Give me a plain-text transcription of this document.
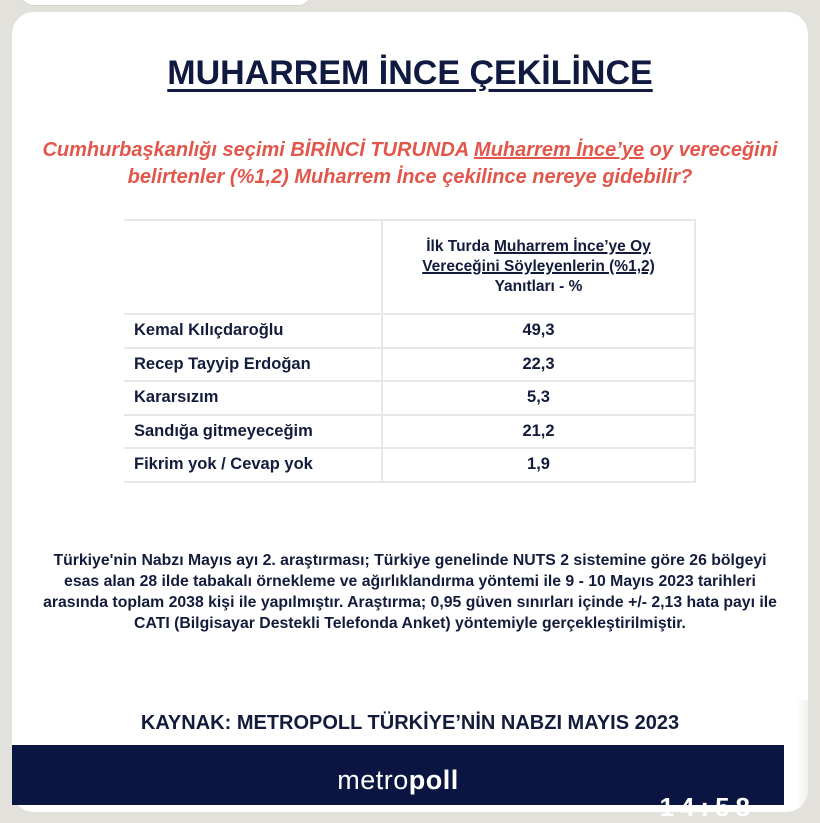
MUHARREM İNCE ÇEKİLİNCE
Cumhurbaşkanlığı seçimi BİRİNCİ TURUNDA Muharrem İnce’ye oy vereceğini belirtenler (%1,2) Muharrem İnce çekilince nereye gidebilir?
	İlk Turda Muharrem İnce’ye Oy
Vereceğini Söyleyenlerin (%1,2)
Yanıtları - %
Kemal Kılıçdaroğlu	49,3
Recep Tayyip Erdoğan	22,3
Kararsızım	5,3
Sandığa gitmeyeceğim	21,2
Fikrim yok / Cevap yok	1,9
Türkiye'nin Nabzı Mayıs ayı 2. araştırması; Türkiye genelinde NUTS 2 sistemine göre 26 bölgeyi esas alan 28 ilde tabakalı örnekleme ve ağırlıklandırma yöntemi ile 9 - 10 Mayıs 2023 tarihleri arasında toplam 2038 kişi ile yapılmıştır. Araştırma; 0,95 güven sınırları içinde +/- 2,13 hata payı ile CATI (Bilgisayar Destekli Telefonda Anket) yöntemiyle gerçekleştirilmiştir.
KAYNAK: METROPOLL TÜRKİYE’NİN NABZI MAYIS 2023
metropoll
14:58
